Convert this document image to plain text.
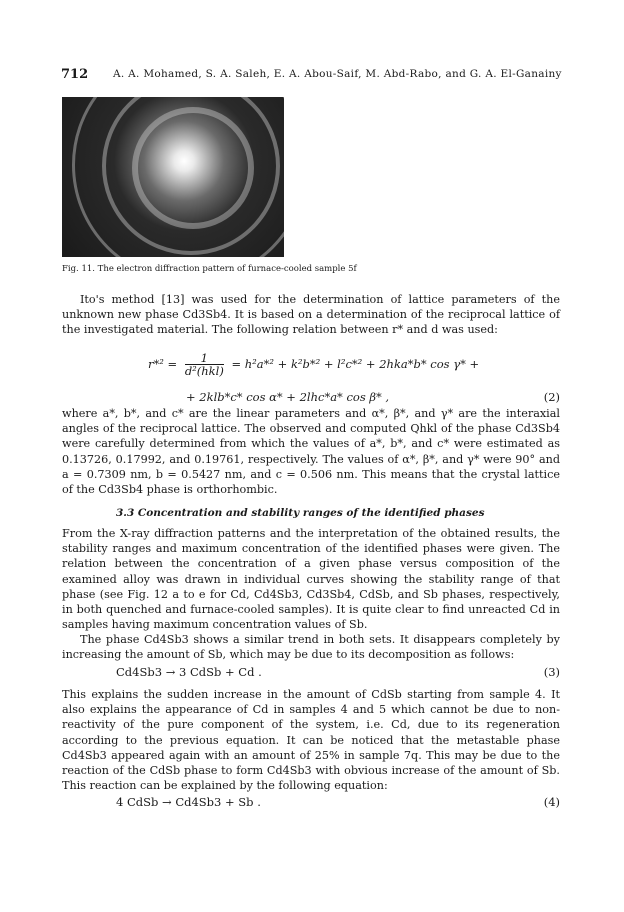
712 A. A. Mohamed, S. A. Saleh, E. A. Abou-Saif, M. Abd-Rabo, and G. A. El-Ganainy
Fig. 11. The electron diffraction pattern of furnace-cooled sample 5f
Ito's method [13] was used for the determination of lattice parameters of the unknown new phase Cd3Sb4. It is based on a determination of the reciprocal lattice of the investigated material. The following relation between r* and d was used:
$r*^2 = \frac{1}{\text{d²(hkl)}} = h^2a*^2 + k^2b*^2 + l^2c*^2 + 2hka*b*$ cos γ* +
+ 2klb*c* cos α* + 2lhc*a* cos β* ,	(2)
where a*, b*, and c* are the linear parameters and α*, β*, and γ* are the interaxial angles of the reciprocal lattice. The observed and computed Qhkl of the phase Cd3Sb4 were carefully determined from which the values of a*, b*, and c* were estimated as 0.13726, 0.17992, and 0.19761, respectively. The values of α*, β*, and γ* were 90° and a = 0.7309 nm, b = 0.5427 nm, and c = 0.506 nm. This means that the crystal lattice of the Cd3Sb4 phase is orthorhombic.
3.3 Concentration and stability ranges of the identified phases
From the X-ray diffraction patterns and the interpretation of the obtained results, the stability ranges and maximum concentration of the identified phases were given. The relation between the concentration of a given phase versus composition of the examined alloy was drawn in individual curves showing the stability range of that phase (see Fig. 12 a to e for Cd, Cd4Sb3, Cd3Sb4, CdSb, and Sb phases, respectively, in both quenched and furnace-cooled samples). It is quite clear to find unreacted Cd in samples having maximum concentration values of Sb.
The phase Cd4Sb3 shows a similar trend in both sets. It disappears completely by increasing the amount of Sb, which may be due to its decomposition as follows:
Cd4Sb3 → 3 CdSb + Cd .	(3)
This explains the sudden increase in the amount of CdSb starting from sample 4. It also explains the appearance of Cd in samples 4 and 5 which cannot be due to non-reactivity of the pure component of the system, i.e. Cd, due to its regeneration according to the previous equation. It can be noticed that the metastable phase Cd4Sb3 appeared again with an amount of 25% in sample 7q. This may be due to the reaction of the CdSb phase to form Cd4Sb3 with obvious increase of the amount of Sb. This reaction can be explained by the following equation:
4 CdSb → Cd4Sb3 + Sb .	(4)
